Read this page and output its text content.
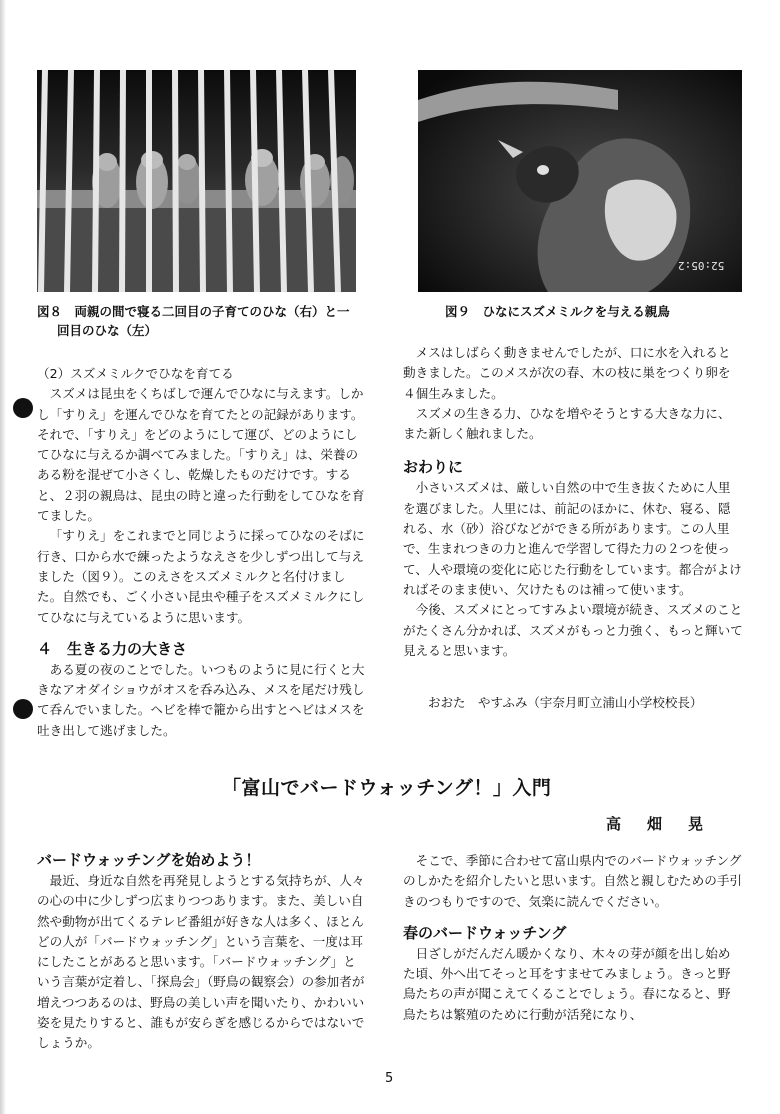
52:05:2
図８　両親の間で寝る二回目の子育てのひな（右）と一
回目のひな（左）
図９　ひなにスズメミルクを与える親鳥

（2）スズメミルクでひなを育てる

スズメは昆虫をくちばしで運んでひなに与えます。しかし「すりえ」を運んでひなを育てたとの記録があります。それで、「すりえ」をどのようにして運び、どのようにしてひなに与えるか調べてみました。「すりえ」は、栄養のある粉を混ぜて小さくし、乾燥したものだけです。すると、２羽の親鳥は、昆虫の時と違った行動をしてひなを育てました。

「すりえ」をこれまでと同じように採ってひなのそばに行き、口から水で練ったようなえさを少しずつ出して与えました（図９）。このえさをスズメミルクと名付けました。自然でも、ごく小さい昆虫や種子をスズメミルクにしてひなに与えているように思います。

４　生きる力の大きさ

ある夏の夜のことでした。いつものように見に行くと大きなアオダイショウがオスを呑み込み、メスを尾だけ残して呑んでいました。ヘビを棒で籠から出すとヘビはメスを吐き出して逃げました。

メスはしばらく動きませんでしたが、口に水を入れると動きました。このメスが次の春、木の枝に巣をつくり卵を４個生みました。

スズメの生きる力、ひなを増やそうとする大きな力に、また新しく触れました。

おわりに

小さいスズメは、厳しい自然の中で生き抜くために人里を選びました。人里には、前記のほかに、休む、寝る、隠れる、水（砂）浴びなどができる所があります。この人里で、生まれつきの力と進んで学習して得た力の２つを使って、人や環境の変化に応じた行動をしています。都合がよければそのまま使い、欠けたものは補って使います。

今後、スズメにとってすみよい環境が続き、スズメのことがたくさん分かれば、スズメがもっと力強く、もっと輝いて見えると思います。

おおた　やすふみ（宇奈月町立浦山小学校校長）
「富山でバードウォッチング！」入門
高畑晃

バードウォッチングを始めよう！

最近、身近な自然を再発見しようとする気持ちが、人々の心の中に少しずつ広まりつつあります。また、美しい自然や動物が出てくるテレビ番組が好きな人は多く、ほとんどの人が「バードウォッチング」という言葉を、一度は耳にしたことがあると思います。「バードウォッチング」という言葉が定着し、「探鳥会」（野鳥の観察会）の参加者が増えつつあるのは、野鳥の美しい声を聞いたり、かわいい姿を見たりすると、誰もが安らぎを感じるからではないでしょうか。

そこで、季節に合わせて富山県内でのバードウォッチングのしかたを紹介したいと思います。自然と親しむための手引きのつもりですので、気楽に読んでください。

春のバードウォッチング

日ざしがだんだん暖かくなり、木々の芽が顔を出し始めた頃、外へ出てそっと耳をすませてみましょう。きっと野鳥たちの声が聞こえてくることでしょう。春になると、野鳥たちは繁殖のために行動が活発になり、

5
